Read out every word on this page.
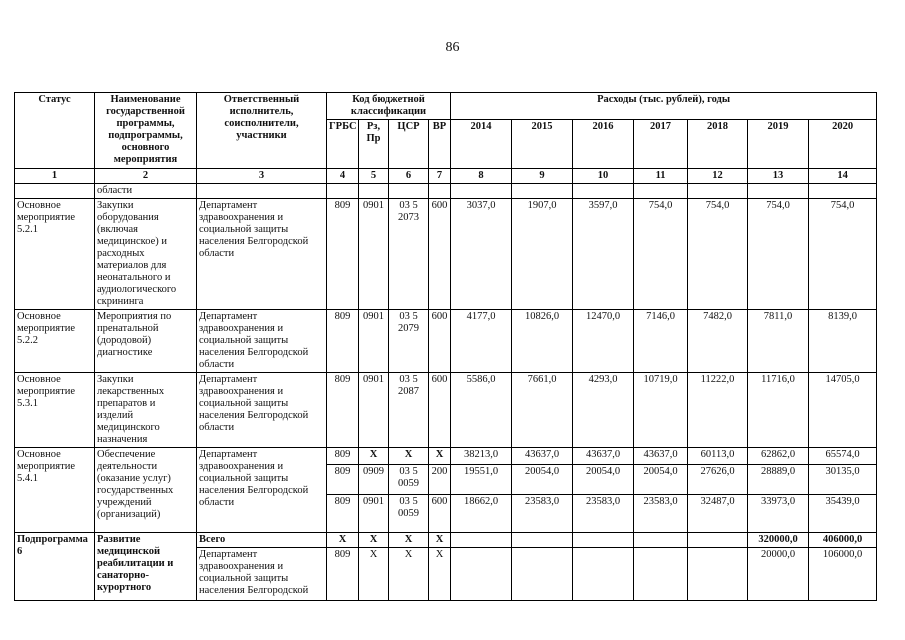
86
Статус	Наименование государственной программы, подпрограммы, основного мероприятия	Ответственный исполнитель, соисполнители, участники	Код бюджетной классификации				Расходы (тыс. рублей), годы						
			ГРБС	Рз, Пр	ЦСР	ВР	2014	2015	2016	2017	2018	2019	2020
1	2	3	4	5	6	7	8	9	10	11	12	13	14
	области												
Основное мероприятие 5.2.1	Закупки оборудования (включая медицинское) и расходных материалов для неонатального и аудиологического скрининга	Департамент здравоохранения и социальной защиты населения Белгородской области	809	0901	03 5 2073	600	3037,0	1907,0	3597,0	754,0	754,0	754,0	754,0
Основное мероприятие 5.2.2	Мероприятия по пренатальной (дородовой) диагностике	Департамент здравоохранения и социальной защиты населения Белгородской области	809	0901	03 5 2079	600	4177,0	10826,0	12470,0	7146,0	7482,0	7811,0	8139,0
Основное мероприятие 5.3.1	Закупки лекарственных препаратов и изделий медицинского назначения	Департамент здравоохранения и социальной защиты населения Белгородской области	809	0901	03 5 2087	600	5586,0	7661,0	4293,0	10719,0	11222,0	11716,0	14705,0
Основное мероприятие 5.4.1	Обеспечение деятельности (оказание услуг) государственных учреждений (организаций)	Департамент здравоохранения и социальной защиты населения Белгородской области	809	X	X	X	38213,0	43637,0	43637,0	43637,0	60113,0	62862,0	65574,0
			809	0909	03 5 0059	200	19551,0	20054,0	20054,0	20054,0	27626,0	28889,0	30135,0
			809	0901	03 5 0059	600	18662,0	23583,0	23583,0	23583,0	32487,0	33973,0	35439,0
Подпрограмма 6	Развитие медицинской реабилитации и санаторно-курортного	Всего	X	X	X	X						320000,0	406000,0
		Департамент здравоохранения и социальной защиты населения Белгородской	809	X	X	X						20000,0	106000,0
